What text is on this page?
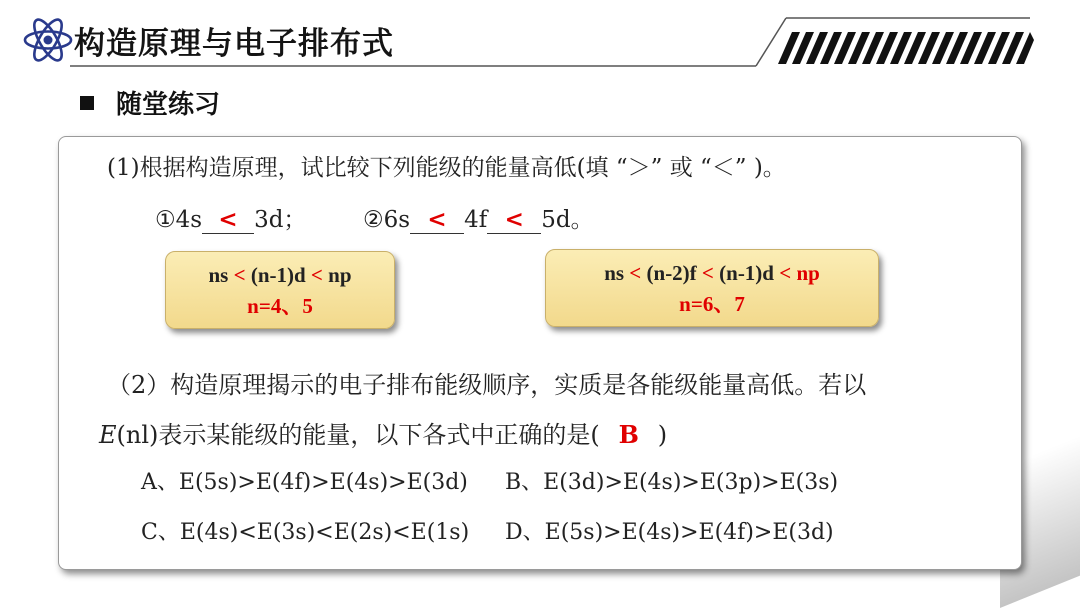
构造原理与电子排布式
随堂练习
(1)根据构造原理，试比较下列能级的能量高低(填 “＞” 或 “＜” )。
①4s < 3d； ②6s < 4f < 5d。
ns < (n-1)d < np
n=4、5
ns < (n-2)f < (n-1)d < np
n=6、7
（2）构造原理揭示的电子排布能级顺序，实质是各能级能量高低。若以
E(nl)表示某能级的能量，以下各式中正确的是( B )
A、E(5s)>E(4f)>E(4s)>E(3d) B、E(3d)>E(4s)>E(3p)>E(3s)
C、E(4s)<E(3s)<E(2s)<E(1s) D、E(5s)>E(4s)>E(4f)>E(3d)
